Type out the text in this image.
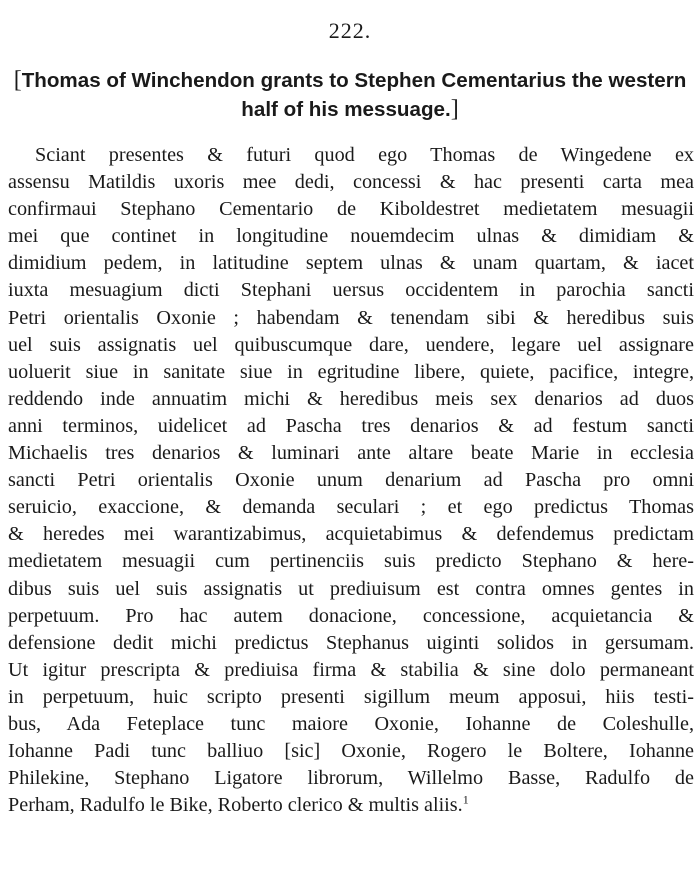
222.
[Thomas of Winchendon grants to Stephen Cementarius the western half of his messuage.]
Sciant presentes & futuri quod ego Thomas de Wingedene ex
assensu Matildis uxoris mee dedi, concessi & hac presenti carta mea
confirmaui Stephano Cementario de Kiboldestret medietatem mesuagii
mei que continet in longitudine nouemdecim ulnas & dimidiam &
dimidium pedem, in latitudine septem ulnas & unam quartam, & iacet
iuxta mesuagium dicti Stephani uersus occidentem in parochia sancti
Petri orientalis Oxonie ; habendam & tenendam sibi & heredibus suis
uel suis assignatis uel quibuscumque dare, uendere, legare uel assignare
uoluerit siue in sanitate siue in egritudine libere, quiete, pacifice, integre,
reddendo inde annuatim michi & heredibus meis sex denarios ad duos
anni terminos, uidelicet ad Pascha tres denarios & ad festum sancti
Michaelis tres denarios & luminari ante altare beate Marie in ecclesia
sancti Petri orientalis Oxonie unum denarium ad Pascha pro omni
seruicio, exaccione, & demanda seculari ; et ego predictus Thomas
& heredes mei warantizabimus, acquietabimus & defendemus predictam
medietatem mesuagii cum pertinenciis suis predicto Stephano & here-
dibus suis uel suis assignatis ut prediuisum est contra omnes gentes in
perpetuum. Pro hac autem donacione, concessione, acquietancia &
defensione dedit michi predictus Stephanus uiginti solidos in gersumam.
Ut igitur prescripta & prediuisa firma & stabilia & sine dolo permaneant
in perpetuum, huic scripto presenti sigillum meum apposui, hiis testi-
bus, Ada Feteplace tunc maiore Oxonie, Iohanne de Coleshulle,
Iohanne Padi tunc balliuo [sic] Oxonie, Rogero le Boltere, Iohanne
Philekine, Stephano Ligatore librorum, Willelmo Basse, Radulfo de
Perham, Radulfo le Bike, Roberto clerico & multis aliis.$^1$
